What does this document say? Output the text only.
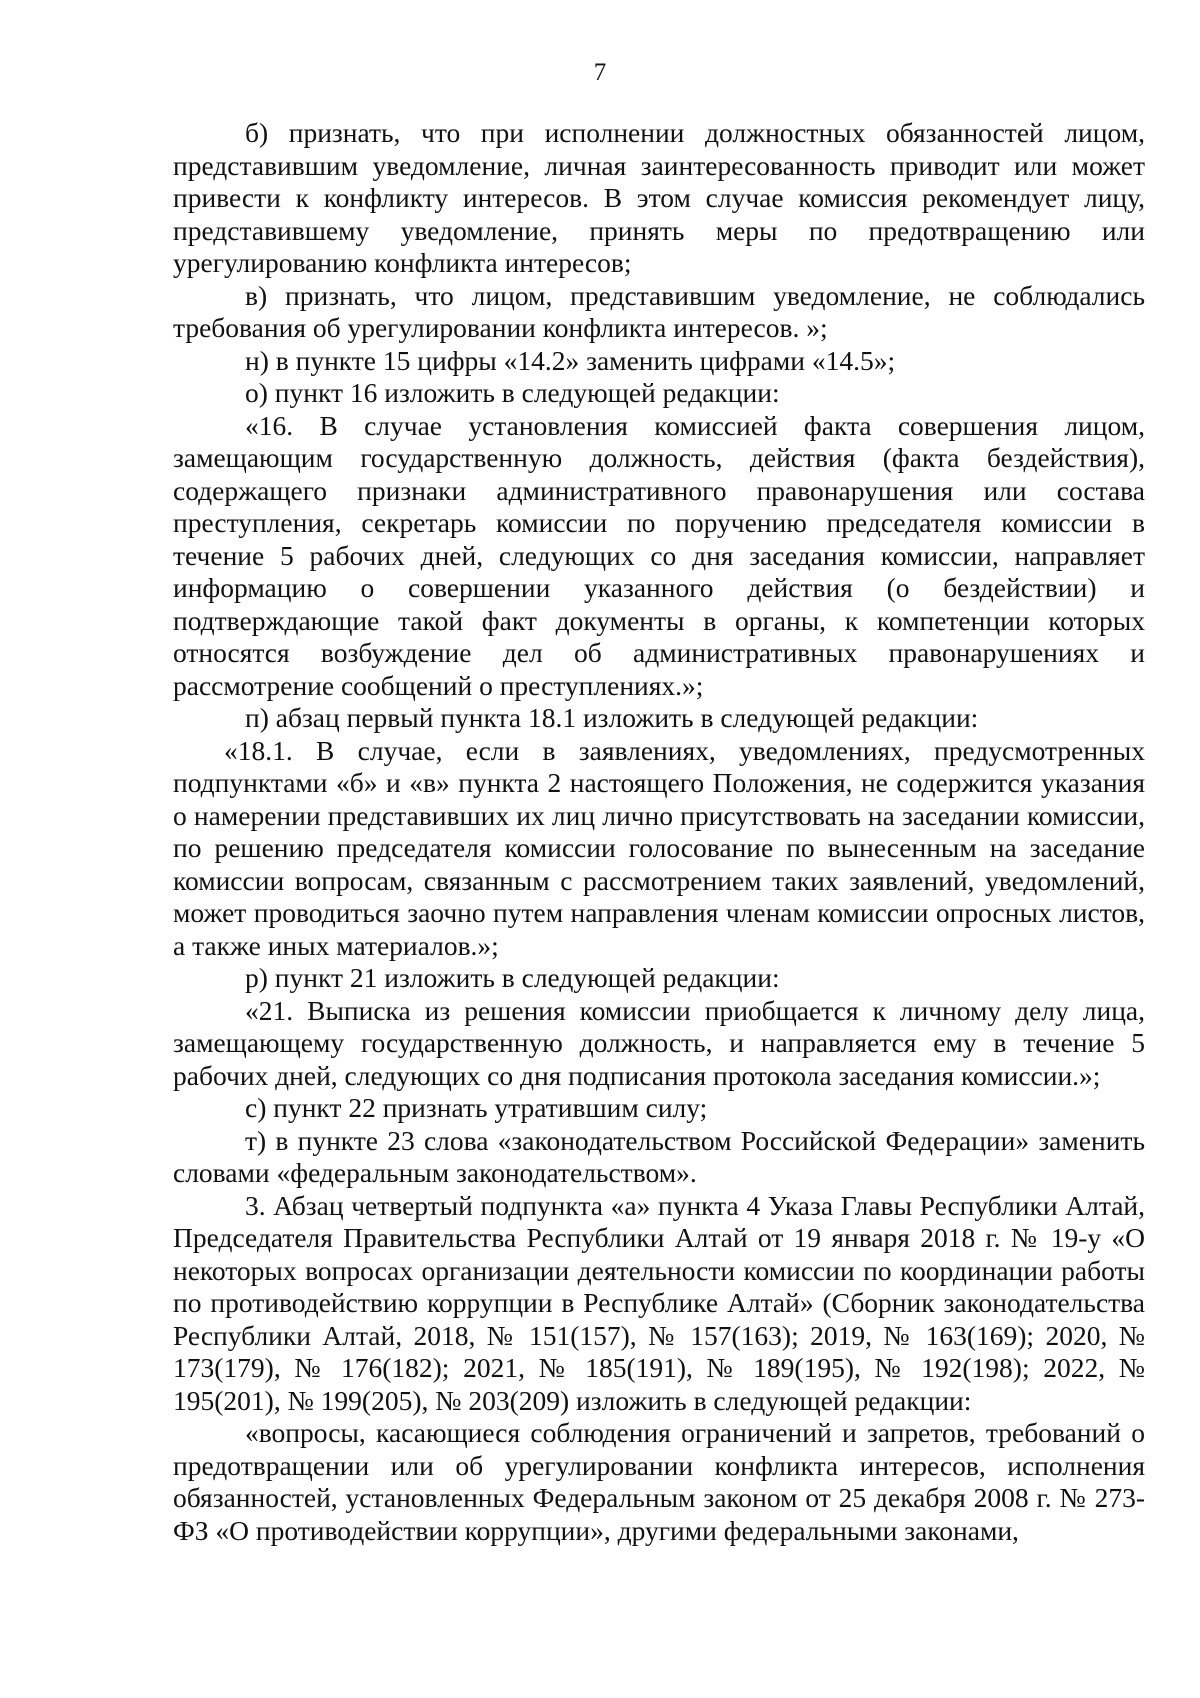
7

б) признать, что при исполнении должностных обязанностей лицом, представившим уведомление, личная заинтересованность приводит или может привести к конфликту интересов. В этом случае комиссия рекомендует лицу, представившему уведомление, принять меры по предотвращению или урегулированию конфликта интересов;

в) признать, что лицом, представившим уведомление, не соблюдались требования об урегулировании конфликта интересов. »;

н) в пункте 15 цифры «14.2» заменить цифрами «14.5»;

о) пункт 16 изложить в следующей редакции:

«16. В случае установления комиссией факта совершения лицом, замещающим государственную должность, действия (факта бездействия), содержащего признаки административного правонарушения или состава преступления, секретарь комиссии по поручению председателя комиссии в течение 5 рабочих дней, следующих со дня заседания комиссии, направляет информацию о совершении указанного действия (о бездействии) и подтверждающие такой факт документы в органы, к компетенции которых относятся возбуждение дел об административных правонарушениях и рассмотрение сообщений о преступлениях.»;

п) абзац первый пункта 18.1 изложить в следующей редакции:

«18.1. В случае, если в заявлениях, уведомлениях, предусмотренных подпунктами «б» и «в» пункта 2 настоящего Положения, не содержится указания о намерении представивших их лиц лично присутствовать на заседании комиссии, по решению председателя комиссии голосование по вынесенным на заседание комиссии вопросам, связанным с рассмотрением таких заявлений, уведомлений, может проводиться заочно путем направления членам комиссии опросных листов, а также иных материалов.»;

р) пункт 21 изложить в следующей редакции:

«21. Выписка из решения комиссии приобщается к личному делу лица, замещающему государственную должность, и направляется ему в течение 5 рабочих дней, следующих со дня подписания протокола заседания комиссии.»;

с) пункт 22 признать утратившим силу;

т) в пункте 23 слова «законодательством Российской Федерации» заменить словами «федеральным законодательством».

3. Абзац четвертый подпункта «а» пункта 4 Указа Главы Республики Алтай, Председателя Правительства Республики Алтай от 19 января 2018 г. № 19-у «О некоторых вопросах организации деятельности комиссии по координации работы по противодействию коррупции в Республике Алтай» (Сборник законодательства Республики Алтай, 2018, № 151(157), № 157(163); 2019, № 163(169); 2020, № 173(179), № 176(182); 2021, № 185(191), № 189(195), № 192(198); 2022, № 195(201), № 199(205), № 203(209) изложить в следующей редакции:

«вопросы, касающиеся соблюдения ограничений и запретов, требований о предотвращении или об урегулировании конфликта интересов, исполнения обязанностей, установленных Федеральным законом от 25 декабря 2008 г. № 273-ФЗ «О противодействии коррупции», другими федеральными законами,
